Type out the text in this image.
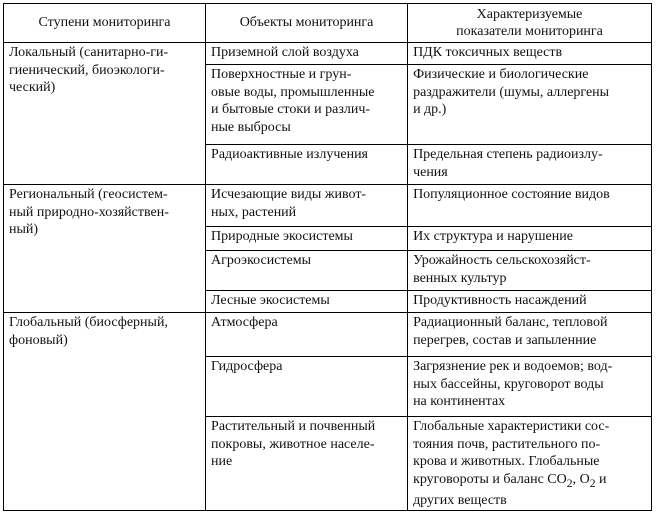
Ступени мониторинга	Объекты мониторинга	Характеризуемые
показатели мониторинга
Локальный (санитарно-ги-
гиенический, биоэкологи-
ческий)	Приземной слой воздуха	ПДК токсичных веществ
	Поверхностные и грун-
овые воды, промышленные
и бытовые стоки и различ-
ные выбросы	Физические и биологические
раздражители (шумы, аллергены
и др.)
	Радиоактивные излучения	Предельная степень радиоизлу-
чения
Региональный (геосистем-
ный природно-хозяйствен-
ный)	Исчезающие виды живот-
ных, растений	Популяционное состояние видов
	Природные экосистемы	Их структура и нарушение
	Агроэкосистемы	Урожайность сельскохозяйст-
венных культур
	Лесные экосистемы	Продуктивность насаждений
Глобальный (биосферный,
фоновый)	Атмосфера	Радиационный баланс, тепловой
перегрев, состав и запыленние
	Гидросфера	Загрязнение рек и водоемов; вод-
ных бассейны, круговорот воды
на континентах
	Растительный и почвенный
покровы, животное населе-
ние	Глобальные характеристики сос-
тояния почв, растительного по-
крова и животных. Глобальные
круговороты и баланс $CO_2$, $O_2$ и
других веществ
